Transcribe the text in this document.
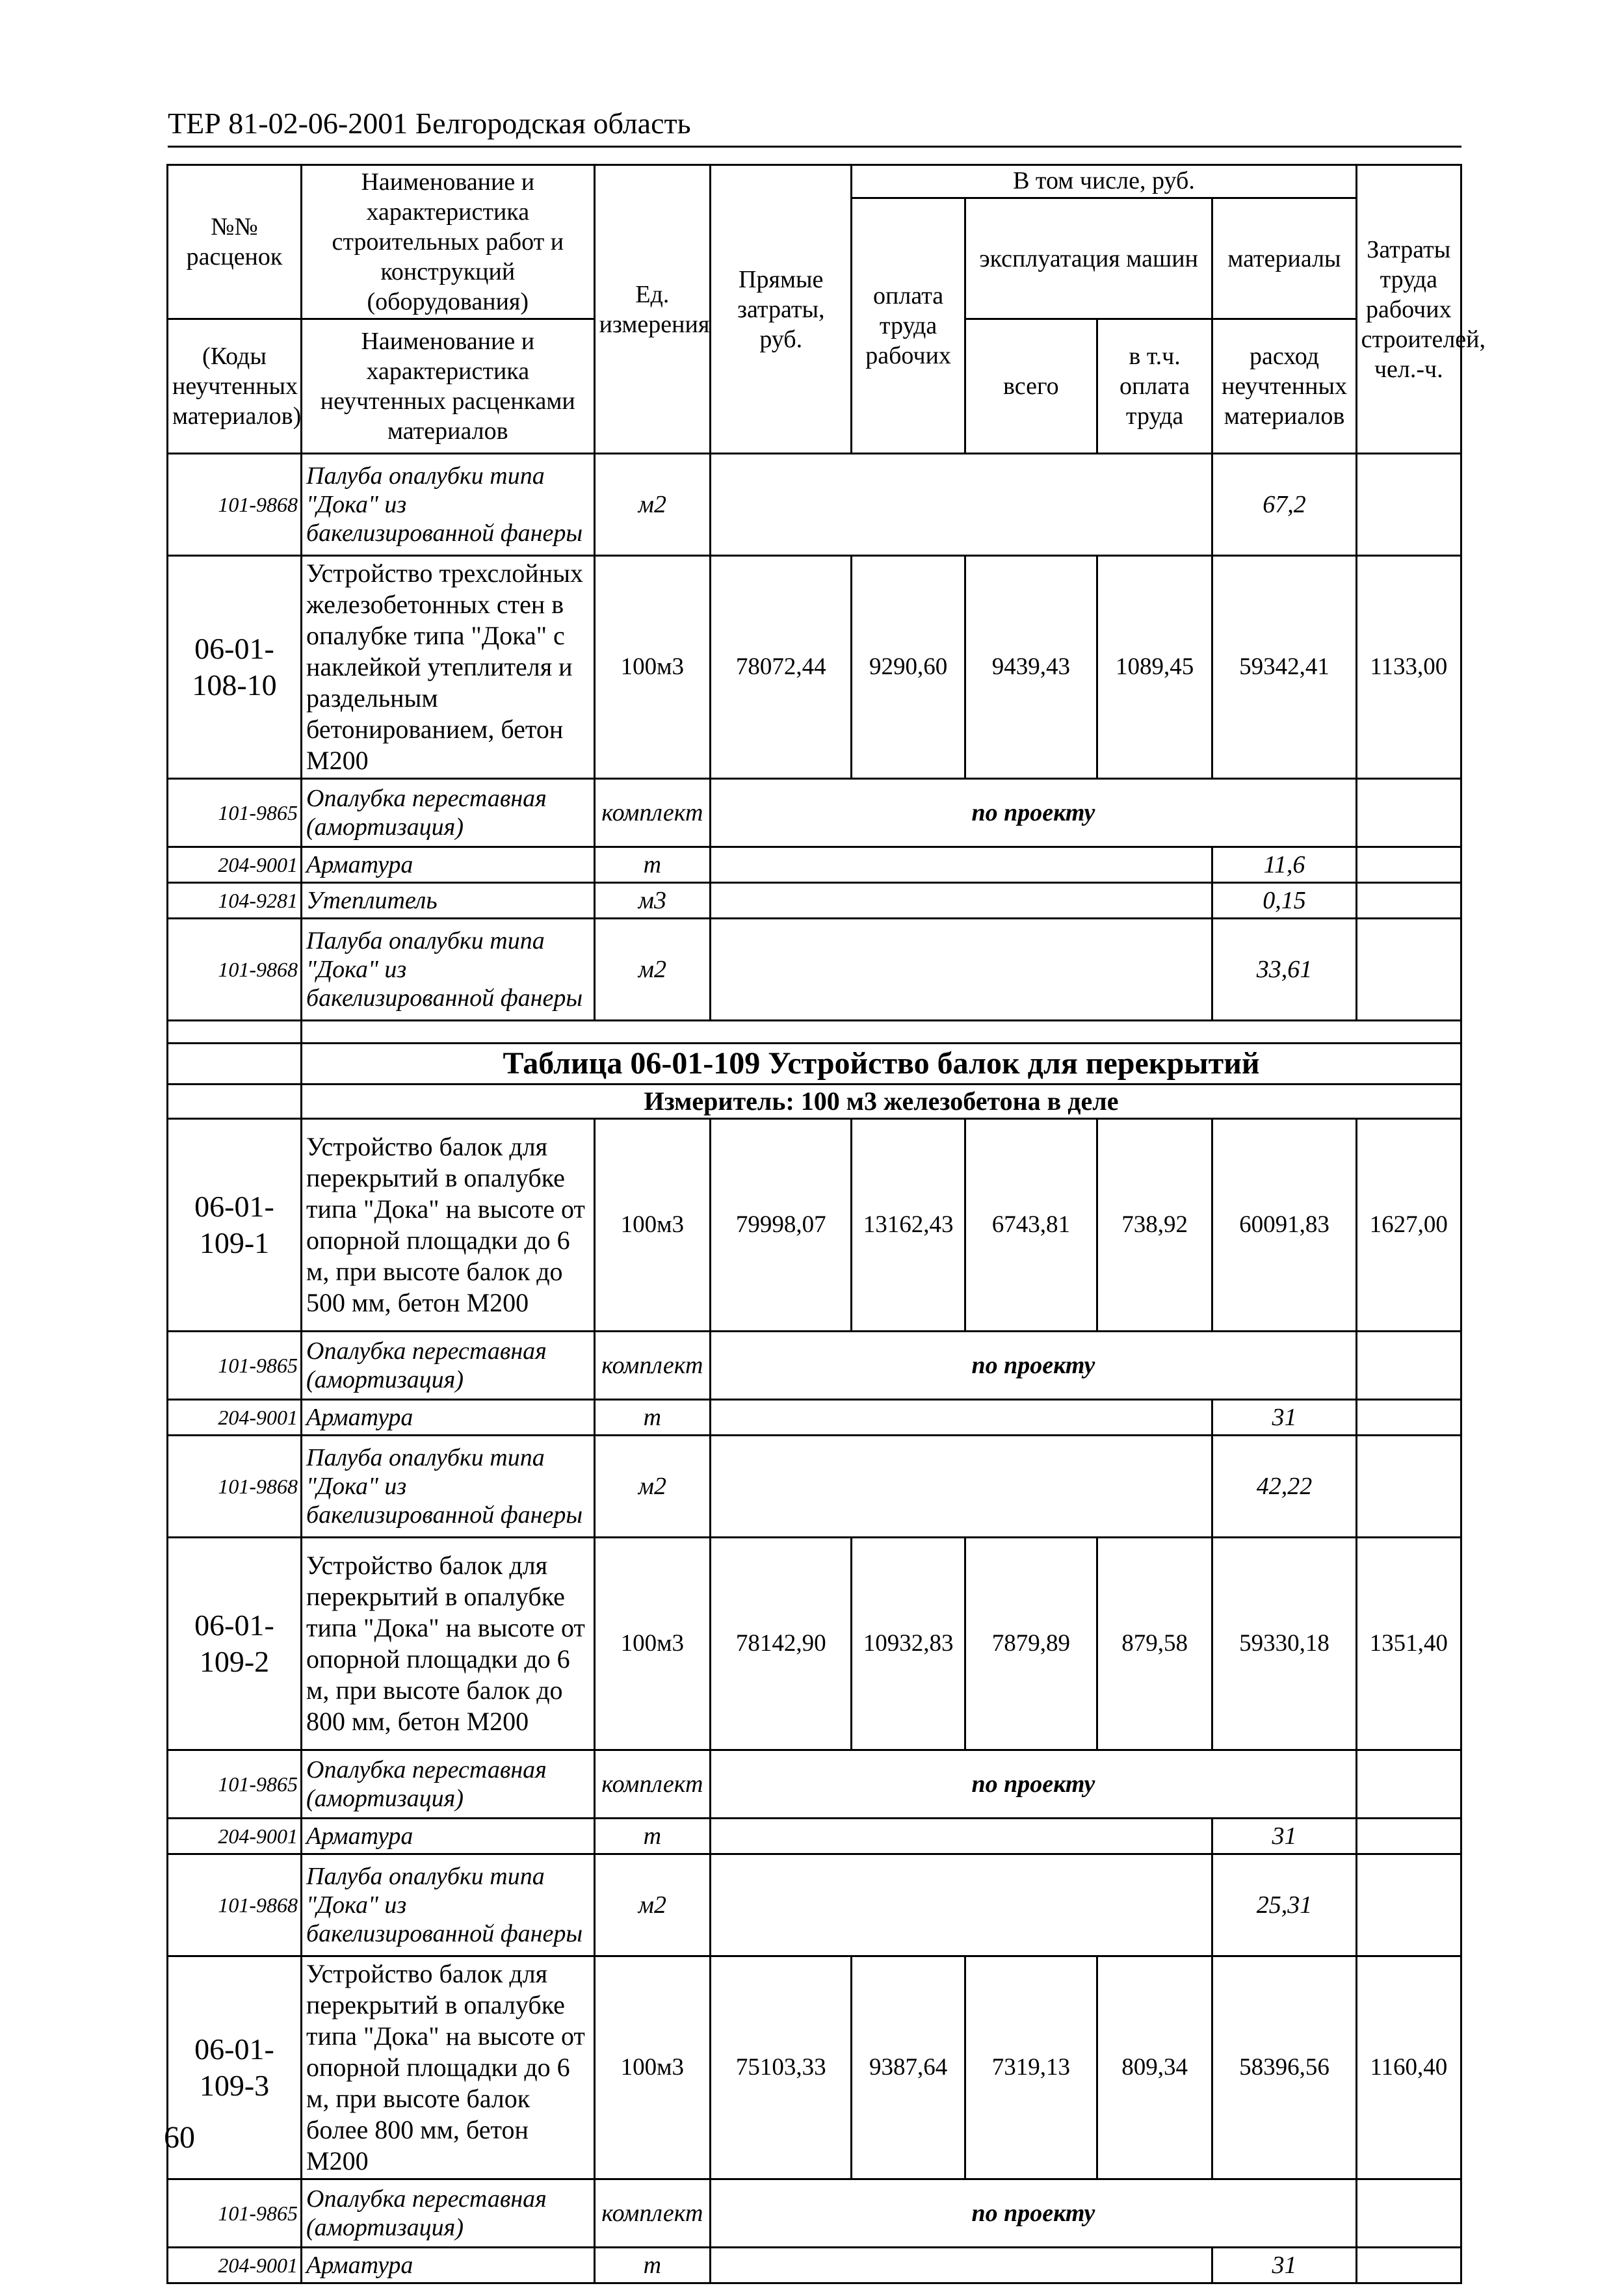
ТЕР 81-02-06-2001 Белгородская область
№№ расценок	Наименование и характеристика строительных работ и конструкций (оборудования)	Ед. измерения	Прямые затраты, руб.	В том числе, руб.				Затраты труда рабочих строителей, чел.-ч.
				оплата труда рабочих	эксплуатация машин		материалы	
(Коды неучтенных материалов)	Наименование и характеристика неучтенных расценками материалов				всего	в т.ч. оплата труда	расход неучтенных материалов	
101-9868	Палуба опалубки типа "Дока" из бакелизированной фанеры	м2					67,2	
06-01-108-10	Устройство трехслойных железобетонных стен в опалубке типа "Дока" с наклейкой утеплителя и раздельным бетонированием, бетон М200	100м3	78072,44	9290,60	9439,43	1089,45	59342,41	1133,00
101-9865	Опалубка переставная (амортизация)	комплект	по проекту					
204-9001	Арматура	т					11,6	
104-9281	Утеплитель	м3					0,15	
101-9868	Палуба опалубки типа "Дока" из бакелизированной фанеры	м2					33,61	

	Таблица 06-01-109 Устройство балок для перекрытий							
	Измеритель: 100 м3 железобетона в деле							
06-01-109-1	Устройство балок для перекрытий в опалубке типа "Дока" на высоте от опорной площадки до 6 м, при высоте балок до 500 мм, бетон М200	100м3	79998,07	13162,43	6743,81	738,92	60091,83	1627,00
101-9865	Опалубка переставная (амортизация)	комплект	по проекту					
204-9001	Арматура	т					31	
101-9868	Палуба опалубки типа "Дока" из бакелизированной фанеры	м2					42,22	
06-01-109-2	Устройство балок для перекрытий в опалубке типа "Дока" на высоте от опорной площадки до 6 м, при высоте балок до 800 мм, бетон М200	100м3	78142,90	10932,83	7879,89	879,58	59330,18	1351,40
101-9865	Опалубка переставная (амортизация)	комплект	по проекту					
204-9001	Арматура	т					31	
101-9868	Палуба опалубки типа "Дока" из бакелизированной фанеры	м2					25,31	
06-01-109-3	Устройство балок для перекрытий в опалубке типа "Дока" на высоте от опорной площадки до 6 м, при высоте балок более 800 мм, бетон М200	100м3	75103,33	9387,64	7319,13	809,34	58396,56	1160,40
101-9865	Опалубка переставная (амортизация)	комплект	по проекту					
204-9001	Арматура	т					31	
60
